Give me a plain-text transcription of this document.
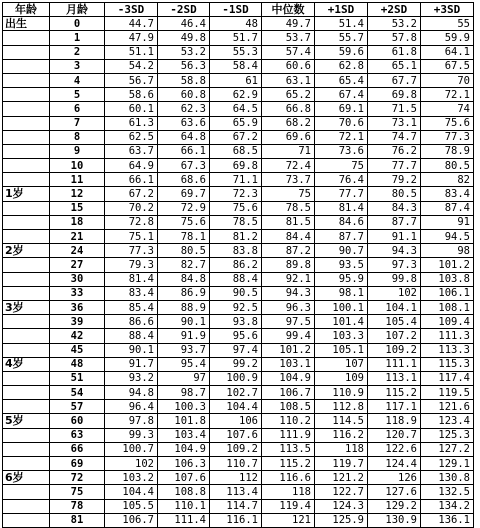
年龄	月龄	-3SD	-2SD	-1SD	中位数	+1SD	+2SD	+3SD
出生	0	44.7	46.4	48	49.7	51.4	53.2	55
	1	47.9	49.8	51.7	53.7	55.7	57.8	59.9
	2	51.1	53.2	55.3	57.4	59.6	61.8	64.1
	3	54.2	56.3	58.4	60.6	62.8	65.1	67.5
	4	56.7	58.8	61	63.1	65.4	67.7	70
	5	58.6	60.8	62.9	65.2	67.4	69.8	72.1
	6	60.1	62.3	64.5	66.8	69.1	71.5	74
	7	61.3	63.6	65.9	68.2	70.6	73.1	75.6
	8	62.5	64.8	67.2	69.6	72.1	74.7	77.3
	9	63.7	66.1	68.5	71	73.6	76.2	78.9
	10	64.9	67.3	69.8	72.4	75	77.7	80.5
	11	66.1	68.6	71.1	73.7	76.4	79.2	82
1岁	12	67.2	69.7	72.3	75	77.7	80.5	83.4
	15	70.2	72.9	75.6	78.5	81.4	84.3	87.4
	18	72.8	75.6	78.5	81.5	84.6	87.7	91
	21	75.1	78.1	81.2	84.4	87.7	91.1	94.5
2岁	24	77.3	80.5	83.8	87.2	90.7	94.3	98
	27	79.3	82.7	86.2	89.8	93.5	97.3	101.2
	30	81.4	84.8	88.4	92.1	95.9	99.8	103.8
	33	83.4	86.9	90.5	94.3	98.1	102	106.1
3岁	36	85.4	88.9	92.5	96.3	100.1	104.1	108.1
	39	86.6	90.1	93.8	97.5	101.4	105.4	109.4
	42	88.4	91.9	95.6	99.4	103.3	107.2	111.3
	45	90.1	93.7	97.4	101.2	105.1	109.2	113.3
4岁	48	91.7	95.4	99.2	103.1	107	111.1	115.3
	51	93.2	97	100.9	104.9	109	113.1	117.4
	54	94.8	98.7	102.7	106.7	110.9	115.2	119.5
	57	96.4	100.3	104.4	108.5	112.8	117.1	121.6
5岁	60	97.8	101.8	106	110.2	114.5	118.9	123.4
	63	99.3	103.4	107.6	111.9	116.2	120.7	125.3
	66	100.7	104.9	109.2	113.5	118	122.6	127.2
	69	102	106.3	110.7	115.2	119.7	124.4	129.1
6岁	72	103.2	107.6	112	116.6	121.2	126	130.8
	75	104.4	108.8	113.4	118	122.7	127.6	132.5
	78	105.5	110.1	114.7	119.4	124.3	129.2	134.2
	81	106.7	111.4	116.1	121	125.9	130.9	136.1
